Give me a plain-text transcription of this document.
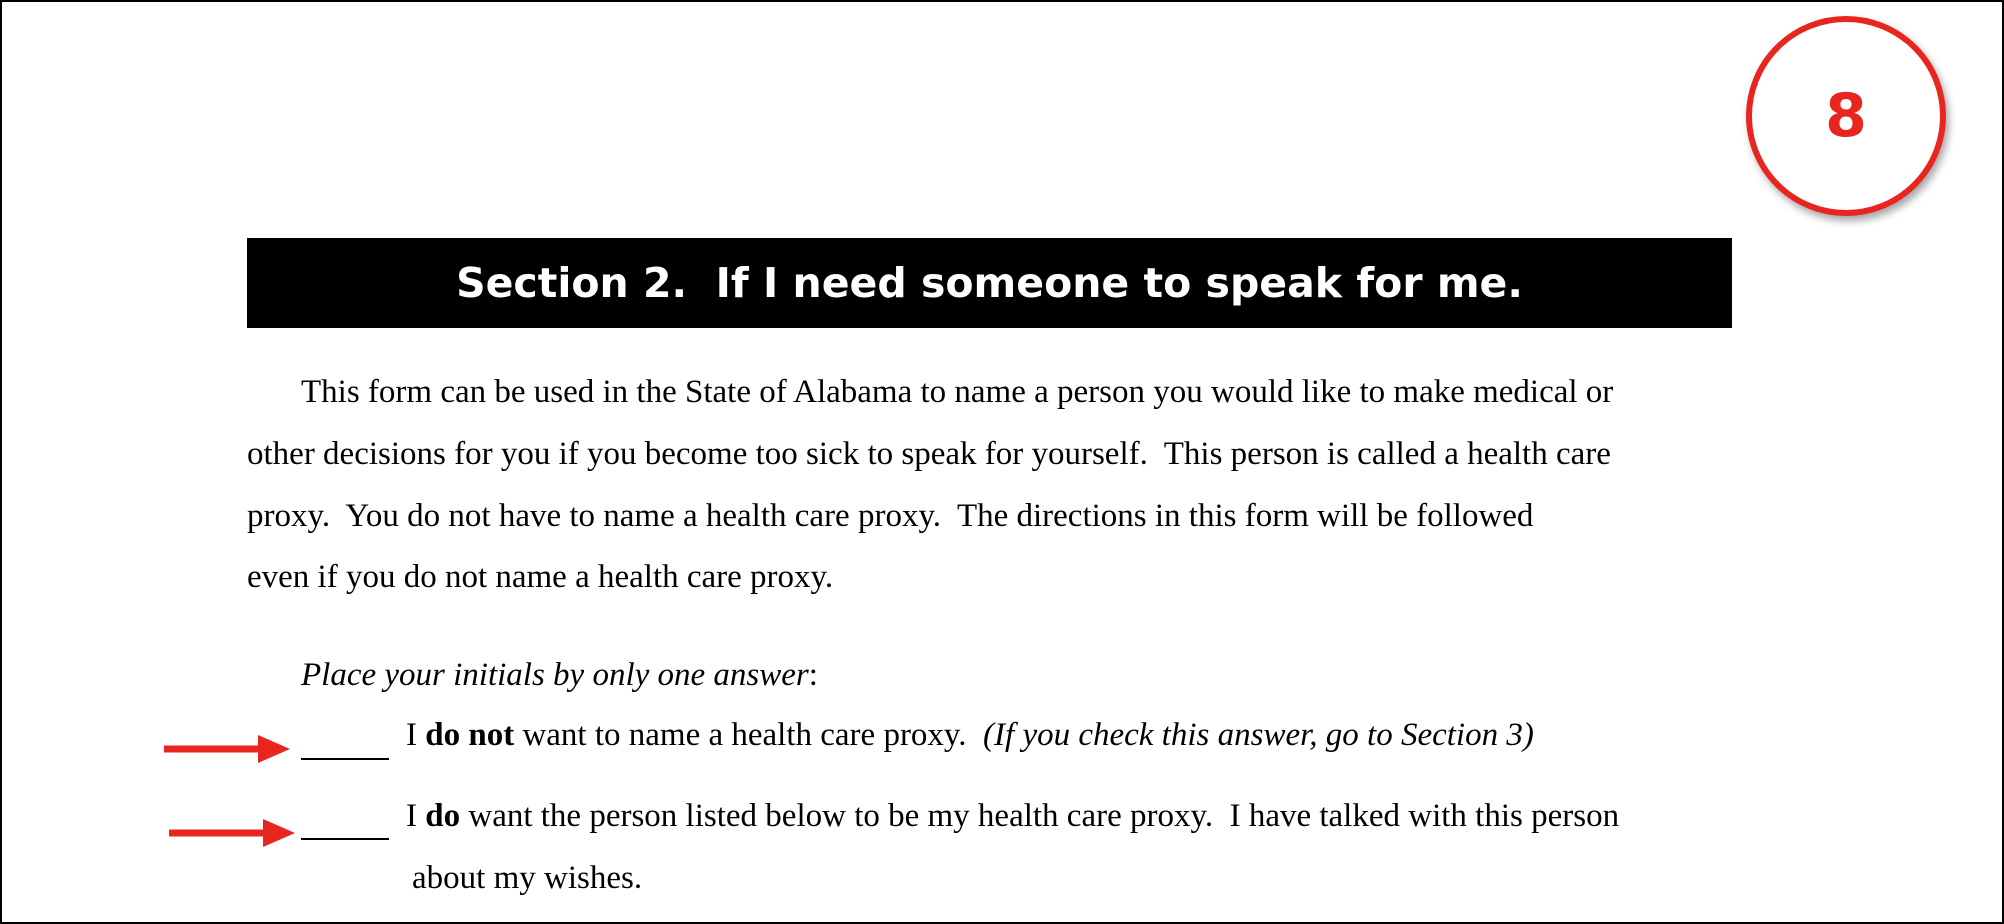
8
Section 2.  If I need someone to speak for me.
This form can be used in the State of Alabama to name a person you would like to make medical or
other decisions for you if you become too sick to speak for yourself.  This person is called a health care
proxy.  You do not have to name a health care proxy.  The directions in this form will be followed
even if you do not name a health care proxy.
Place your initials by only one answer:
I do not want to name a health care proxy.  (If you check this answer, go to Section 3)
I do want the person listed below to be my health care proxy.  I have talked with this person
about my wishes.
